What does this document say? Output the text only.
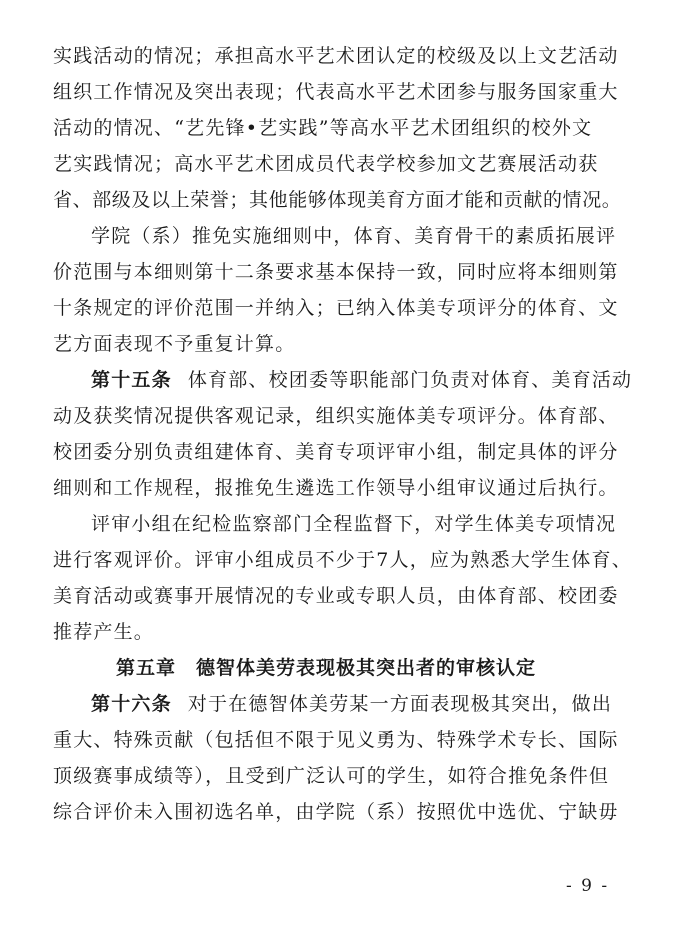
实践活动的情况；承担高水平艺术团认定的校级及以上文艺活动
组织工作情况及突出表现；代表高水平艺术团参与服务国家重大
活动的情况、“艺先锋•艺实践”等高水平艺术团组织的校外文
艺实践情况；高水平艺术团成员代表学校参加文艺赛展活动获
省、部级及以上荣誉；其他能够体现美育方面才能和贡献的情况。
学院（系）推免实施细则中，体育、美育骨干的素质拓展评
价范围与本细则第十二条要求基本保持一致，同时应将本细则第
十条规定的评价范围一并纳入；已纳入体美专项评分的体育、文
艺方面表现不予重复计算。
第十五条 体育部、校团委等职能部门负责对体育、美育活动
动及获奖情况提供客观记录，组织实施体美专项评分。体育部、
校团委分别负责组建体育、美育专项评审小组，制定具体的评分
细则和工作规程，报推免生遴选工作领导小组审议通过后执行。
评审小组在纪检监察部门全程监督下，对学生体美专项情况
进行客观评价。评审小组成员不少于7人，应为熟悉大学生体育、
美育活动或赛事开展情况的专业或专职人员，由体育部、校团委
推荐产生。
第五章　德智体美劳表现极其突出者的审核认定
第十六条 对于在德智体美劳某一方面表现极其突出，做出
重大、特殊贡献（包括但不限于见义勇为、特殊学术专长、国际
顶级赛事成绩等），且受到广泛认可的学生，如符合推免条件但
综合评价未入围初选名单，由学院（系）按照优中选优、宁缺毋
- 9 -
